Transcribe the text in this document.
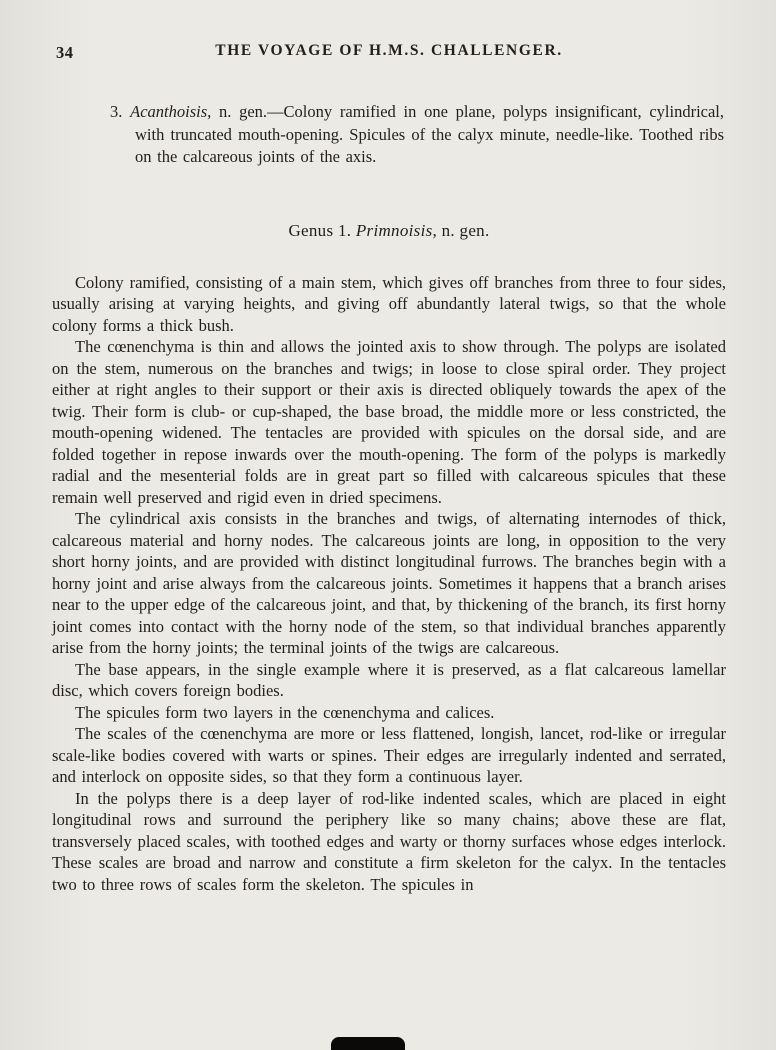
34	THE VOYAGE OF H.M.S. CHALLENGER.

3. Acanthoisis, n. gen.—Colony ramified in one plane, polyps insignificant, cylindrical, with truncated mouth-opening. Spicules of the calyx minute, needle-like. Toothed ribs on the calcareous joints of the axis.

Genus 1. Primnoisis, n. gen.

Colony ramified, consisting of a main stem, which gives off branches from three to four sides, usually arising at varying heights, and giving off abundantly lateral twigs, so that the whole colony forms a thick bush.

The cœnenchyma is thin and allows the jointed axis to show through. The polyps are isolated on the stem, numerous on the branches and twigs; in loose to close spiral order. They project either at right angles to their support or their axis is directed obliquely towards the apex of the twig. Their form is club- or cup-shaped, the base broad, the middle more or less constricted, the mouth-opening widened. The tentacles are provided with spicules on the dorsal side, and are folded together in repose inwards over the mouth-opening. The form of the polyps is markedly radial and the mesenterial folds are in great part so filled with calcareous spicules that these remain well preserved and rigid even in dried specimens.

The cylindrical axis consists in the branches and twigs, of alternating internodes of thick, calcareous material and horny nodes. The calcareous joints are long, in opposition to the very short horny joints, and are provided with distinct longitudinal furrows. The branches begin with a horny joint and arise always from the calcareous joints. Sometimes it happens that a branch arises near to the upper edge of the calcareous joint, and that, by thickening of the branch, its first horny joint comes into contact with the horny node of the stem, so that individual branches apparently arise from the horny joints; the terminal joints of the twigs are calcareous.

The base appears, in the single example where it is preserved, as a flat calcareous lamellar disc, which covers foreign bodies.

The spicules form two layers in the cœnenchyma and calices.

The scales of the cœnenchyma are more or less flattened, longish, lancet, rod-like or irregular scale-like bodies covered with warts or spines. Their edges are irregularly indented and serrated, and interlock on opposite sides, so that they form a continuous layer.

In the polyps there is a deep layer of rod-like indented scales, which are placed in eight longitudinal rows and surround the periphery like so many chains; above these are flat, transversely placed scales, with toothed edges and warty or thorny surfaces whose edges interlock. These scales are broad and narrow and constitute a firm skeleton for the calyx. In the tentacles two to three rows of scales form the skeleton. The spicules in
